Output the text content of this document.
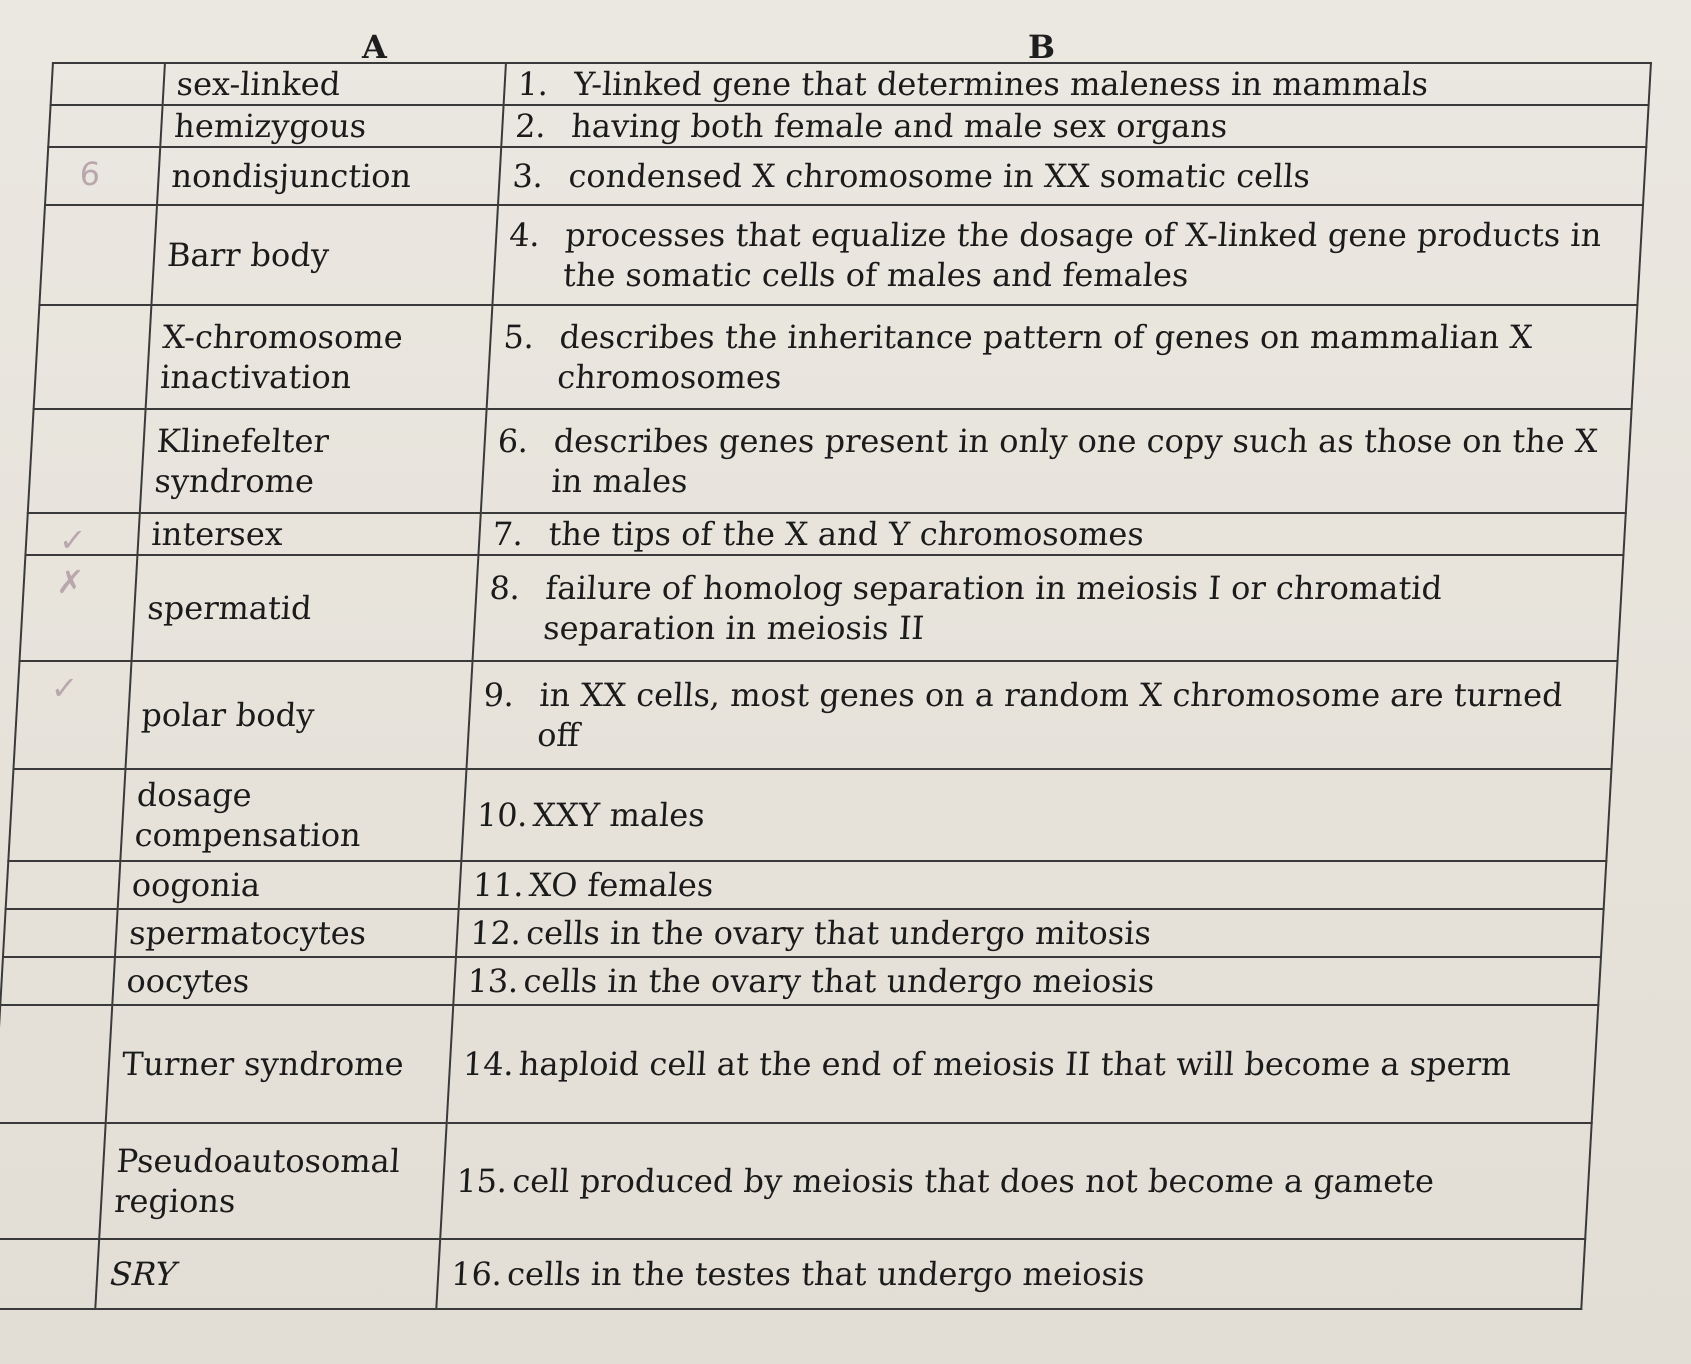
A	B
	sex-linked	1. Y-linked gene that determines maleness in mammals

	hemizygous	2. having both female and male sex organs

6	nondisjunction	3. condensed X chromosome in XX somatic cells

	Barr body	4. processes that equalize the dosage of X-linked gene products in the somatic cells of males and females

	X-chromosome inactivation	5. describes the inheritance pattern of genes on mammalian X chromosomes

	Klinefelter syndrome	6. describes genes present in only one copy such as those on the X in males

✓	intersex	7. the tips of the X and Y chromosomes

✗	spermatid	8. failure of homolog separation in meiosis I or chromatid separation in meiosis II

✓	polar body	9. in XX cells, most genes on a random X chromosome are turned off

	dosage compensation	10. XXY males

	oogonia	11. XO females

	spermatocytes	12. cells in the ovary that undergo mitosis

	oocytes	13. cells in the ovary that undergo meiosis

	Turner syndrome	14. haploid cell at the end of meiosis II that will become a sperm

	Pseudoautosomal regions	15. cell produced by meiosis that does not become a gamete

	SRY	16. cells in the testes that undergo meiosis
